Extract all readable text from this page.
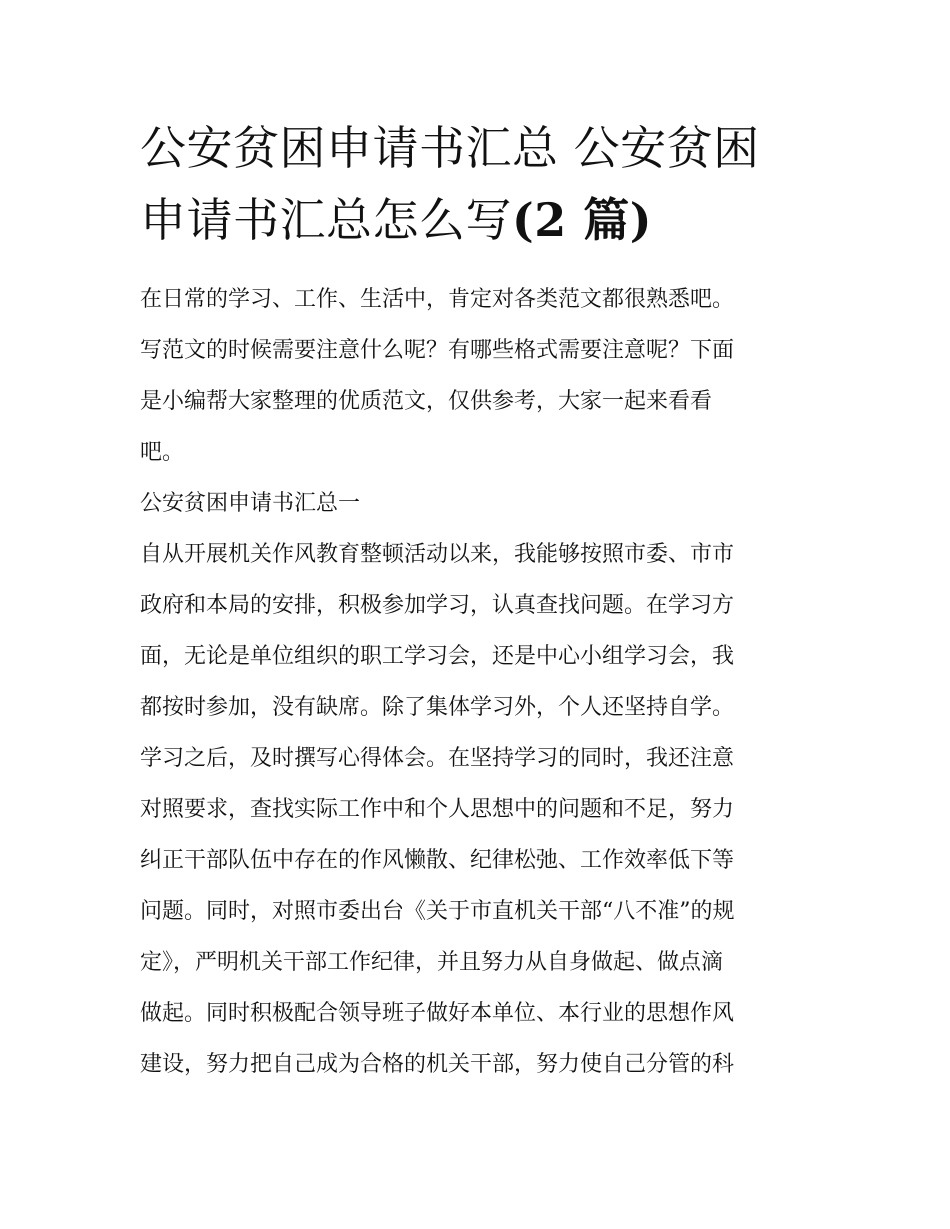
公安贫困申请书汇总 公安贫困
申请书汇总怎么写(2 篇)

在日常的学习、工作、生活中，肯定对各类范文都很熟悉吧。
写范文的时候需要注意什么呢？有哪些格式需要注意呢？下面
是小编帮大家整理的优质范文，仅供参考，大家一起来看看
吧。

公安贫困申请书汇总一

自从开展机关作风教育整顿活动以来，我能够按照市委、市市
政府和本局的安排，积极参加学习，认真查找问题。在学习方
面，无论是单位组织的职工学习会，还是中心小组学习会，我
都按时参加，没有缺席。除了集体学习外，个人还坚持自学。
学习之后，及时撰写心得体会。在坚持学习的同时，我还注意
对照要求，查找实际工作中和个人思想中的问题和不足，努力
纠正干部队伍中存在的作风懒散、纪律松弛、工作效率低下等
问题。同时，对照市委出台《关于市直机关干部“八不准”的规
定》，严明机关干部工作纪律，并且努力从自身做起、做点滴
做起。同时积极配合领导班子做好本单位、本行业的思想作风
建设，努力把自己成为合格的机关干部，努力使自己分管的科
